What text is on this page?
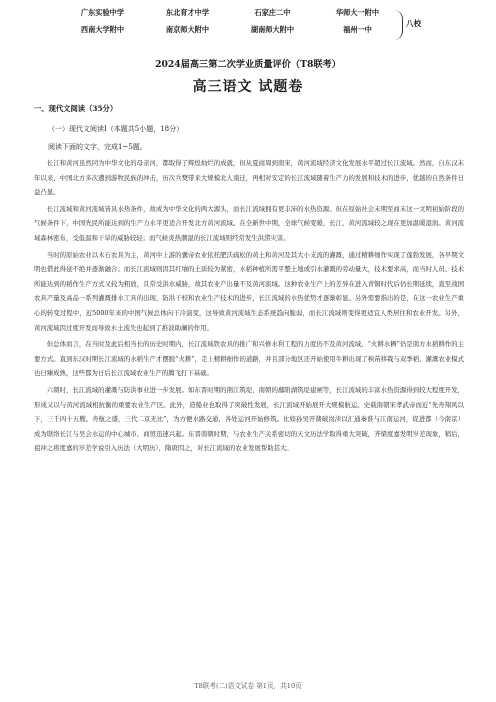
广东实验中学	东北育才中学	石家庄二中	华师大一附中
西南大学附中	南京师大附中	湖南师大附中	福州一中
八校
2024届高三第二次学业质量评价（T8联考）
高三语文 试题卷
一、现代文阅读（35分）
（一）现代文阅读Ⅰ（本题共5小题，18分）
阅读下面的文字，完成1~5题。

长江和黄河虽然同为中华文化的母亲河，都取得了辉煌灿烂的成就，但从夏商周到南宋，黄河流域经济文化发展水平超过长江流域。然而，自东汉末年以来，中国北方多次遭到游牧民族的冲击，历次兵燹带来大规模北人南迁，再相对安定的长江流域随着生产力的发展和技术的进步，优越的自然条件日益凸显。

长江流域和黄河流域皆具水热条件，故成为中华文化的两大源头，而长江流域拥有更丰沛的水热资源。但在原始社会末期至商末这一文明初始阶段的气候条件下，中国先民所能达到的生产力水平更适合开发北方黄河流域。在全新世中期，全球气候变暖，长江、黄河流域较之现在更加温暖湿润。黄河流域森林密布，受低温和干旱的威胁较轻；而气候炎热潮湿的长江流域则经常发生洪涝灾害。

当时的原始农业以木石农具为主，黄河中上游的囊帝农业依托肥沃疏松的黄土和黄河及其大小支流的灌溉，通过精耕细作实现了莲勃发展，各早期文明也借此得延不绝并逐渐融合；而长江流域则因其红壤的土质较为紧密，水稻种植所需平整土地或引水灌溉的劳动量大，技术要求高，而当时人员、技术所能达到的稻作生产方式又较为粗放，且常受洪水威胁，故其农业产出量不及黄河流域。这种农业生产上的差异在进入青铜时代后仍长期延续，直至战国农具产量及高品一系列灌溉排水工具的出现，防洪干校和农业生产技术的进步，长江流域的水热优势才逐渐彰显。另外需要指出的是，在这一农业生产重心的转变过程中，近5000年来的中国气候总体向干冷演变，这导致黄河流域生态系统趋向脆弱，而长江流域则变得更适宜人类居住和农业开发。另外，黄河流域因过度开发而导致水土流失也起到了推波助澜的作用。

但总体而言，在当时及此后相当长的历史时期内，长江流域铁农具的推广和兴修水利工程的力度仍不及黄河流域，“火耕水耨”仍是南方水稻耕作的主要方式。直到东汉时期长江流域的水稻生产才摆脱“火耕”，走上精耕细作的道路，并且部分地区还开始使用牛耕出现了秧苗移栽与双季稻，灌溉农业模式也日臻成熟，这些都为日后长江流域农业生产的腾飞打下基础。

六朝时，长江流域的灌溉与防洪事业进一步发展。如东晋时期的荆江筑堤，南朝的鄱阳湖筑堤建闸等，长江流域的丰富水热资源得到较大程度开发，形成又以与黄河流域相抗衡的重要农业生产区。此外，造船业也取得了突破性发展，长江流域开始展开大规模航运。史载南朝宋孝武帝而近“先舟翔风以下，三千四十五艘。舟航之盛，三代二京无比”，为方便水路交通，各处运河开始修筑。比如孙吴开凿破岗渎以汇通秦淮与江南运河，促进都（今南京）成为联络长江与吴会水运的中心城市，商贸迅速兴起。东晋南朝时期，与农业生产关系密切的天文历法学取得重大突破，齐梁度嘉发明岁差现象，稍后，祖冲之将度嘉的岁差学说引入历法（大明历），隋唐因之，对长江流域的农业发展帮助甚大。

T8联考(二)语文试卷 第1页，共10页
